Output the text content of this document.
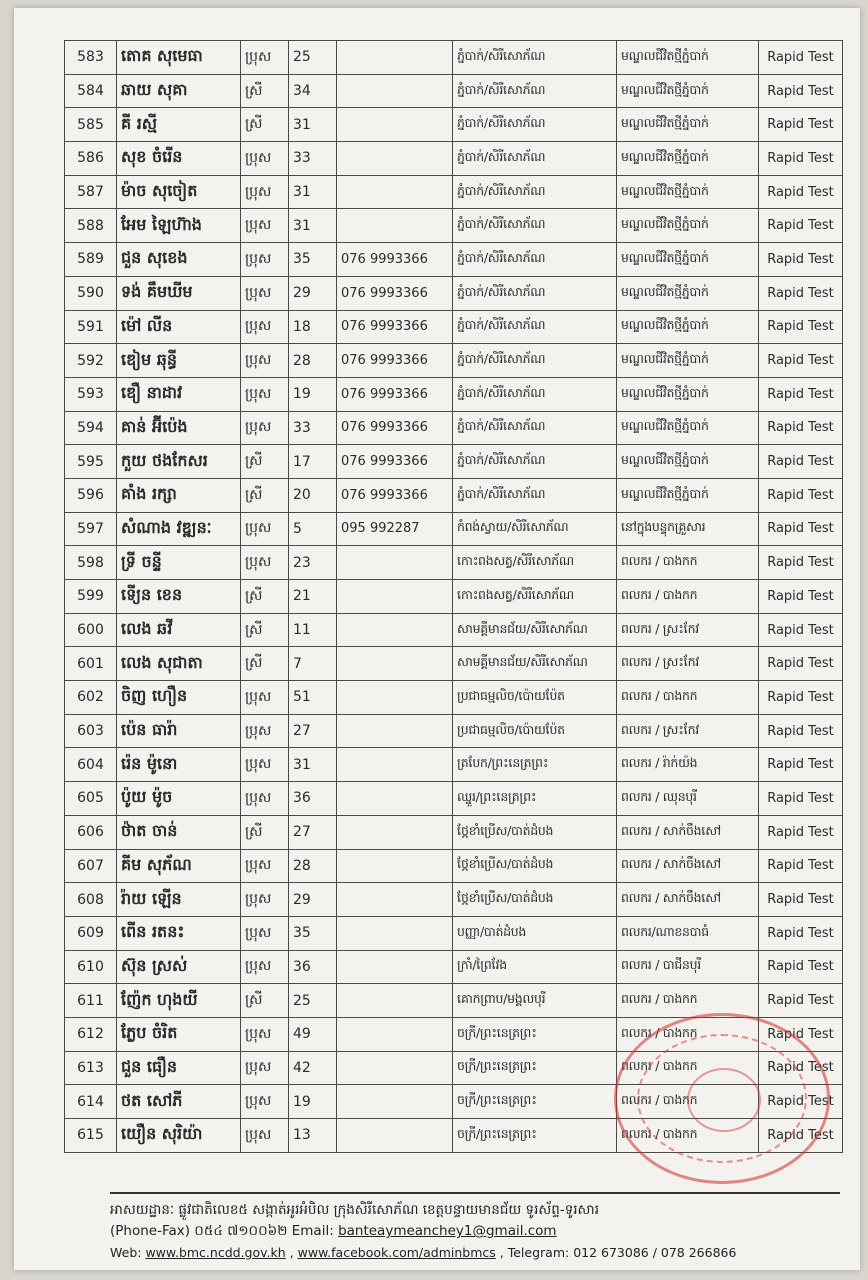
583	តោគ សុមេធា	ប្រុស	25		ភ្នំបាក់/សិរីសោភ័ណ	មណ្ឌលជីវិតថ្មីភ្នំបាក់	Rapid Test
584	ឆាយ សុគា	ស្រី	34		ភ្នំបាក់/សិរីសោភ័ណ	មណ្ឌលជីវិតថ្មីភ្នំបាក់	Rapid Test
585	គី រស្មី	ស្រី	31		ភ្នំបាក់/សិរីសោភ័ណ	មណ្ឌលជីវិតថ្មីភ្នំបាក់	Rapid Test
586	សុខ ចំរើន	ប្រុស	33		ភ្នំបាក់/សិរីសោភ័ណ	មណ្ឌលជីវិតថ្មីភ្នំបាក់	Rapid Test
587	ម៉ាច សុចៀត	ប្រុស	31		ភ្នំបាក់/សិរីសោភ័ណ	មណ្ឌលជីវិតថ្មីភ្នំបាក់	Rapid Test
588	អែម ឡៃហ៊ាង	ប្រុស	31		ភ្នំបាក់/សិរីសោភ័ណ	មណ្ឌលជីវិតថ្មីភ្នំបាក់	Rapid Test
589	ជួន សុខេង	ប្រុស	35	076 9993366	ភ្នំបាក់/សិរីសោភ័ណ	មណ្ឌលជីវិតថ្មីភ្នំបាក់	Rapid Test
590	ទង់ គឹមឃីម	ប្រុស	29	076 9993366	ភ្នំបាក់/សិរីសោភ័ណ	មណ្ឌលជីវិតថ្មីភ្នំបាក់	Rapid Test
591	ម៉ៅ លីន	ប្រុស	18	076 9993366	ភ្នំបាក់/សិរីសោភ័ណ	មណ្ឌលជីវិតថ្មីភ្នំបាក់	Rapid Test
592	ឌៀម ឆុន្ធី	ប្រុស	28	076 9993366	ភ្នំបាក់/សិរីសោភ័ណ	មណ្ឌលជីវិតថ្មីភ្នំបាក់	Rapid Test
593	ឌឿ នាដាវ	ប្រុស	19	076 9993366	ភ្នំបាក់/សិរីសោភ័ណ	មណ្ឌលជីវិតថ្មីភ្នំបាក់	Rapid Test
594	គាន់ អ៊ីប៉េង	ប្រុស	33	076 9993366	ភ្នំបាក់/សិរីសោភ័ណ	មណ្ឌលជីវិតថ្មីភ្នំបាក់	Rapid Test
595	កួយ ថងកែសរ	ស្រី	17	076 9993366	ភ្នំបាក់/សិរីសោភ័ណ	មណ្ឌលជីវិតថ្មីភ្នំបាក់	Rapid Test
596	គាំង រក្សា	ស្រី	20	076 9993366	ភ្នំបាក់/សិរីសោភ័ណ	មណ្ឌលជីវិតថ្មីភ្នំបាក់	Rapid Test
597	សំណាង វឌ្ឍនៈ	ប្រុស	5	095 992287	កំពង់ស្វាយ/សិរីសោភ័ណ	នៅក្នុងបន្ទុកគ្រួសារ	Rapid Test
598	ទ្រី ចន្ទី	ប្រុស	23		កោះពងសត្វ/សិរីសោភ័ណ	ពលករ / បាងកក	Rapid Test
599	ទើ្យន ខេន	ស្រី	21		កោះពងសត្វ/សិរីសោភ័ណ	ពលករ / បាងកក	Rapid Test
600	លេង ឆវី	ស្រី	11		សាមគ្គីមានជ័យ/សិរីសោភ័ណ	ពលករ / ស្រះកែវ	Rapid Test
601	លេង សុជាតា	ស្រី	7		សាមគ្គីមានជ័យ/សិរីសោភ័ណ	ពលករ / ស្រះកែវ	Rapid Test
602	ចិញ ហឿន	ប្រុស	51		ប្រជាធម្មលិច/ប៉ោយប៉ែត	ពលករ / បាងកក	Rapid Test
603	ប៉េន ធារ៉ា	ប្រុស	27		ប្រជាធម្មលិច/ប៉ោយប៉ែត	ពលករ / ស្រះកែវ	Rapid Test
604	រ៉េន ម៉ូនោ	ប្រុស	31		ត្របែក/ព្រះនេត្រព្រះ	ពលករ / រ៉ាក់យ៉ង	Rapid Test
605	ប៉ូយ ម៉ូច	ប្រុស	36		ឈ្នួរ/ព្រះនេត្រព្រះ	ពលករ / ឈុនបុរី	Rapid Test
606	ថ៉ាត ចាន់	ស្រី	27		ថ្កែខាំប្រើស/បាត់ដំបង	ពលករ / សាក់ចឹងសៅ	Rapid Test
607	គីម សុភ័ណ	ប្រុស	28		ថ្កែខាំប្រើស/បាត់ដំបង	ពលករ / សាក់ចឹងសៅ	Rapid Test
608	រ៉ាយ ឡើន	ប្រុស	29		ថ្កែខាំប្រើស/បាត់ដំបង	ពលករ / សាក់ចឹងសៅ	Rapid Test
609	ពើន រតនះ	ប្រុស	35		បញ្ញា/បាត់ដំបង	ពលករ/ណាខនបាធំ	Rapid Test
610	ស៊ុន ស្រស់	ប្រុស	36		ក្រាំ/ព្រៃវែង	ពលករ / បាជីនបុរី	Rapid Test
611	ញ៉ែក ហុងយី	ស្រី	25		គោកព្រាប/មង្គលបុរី	ពលករ / បាងកក	Rapid Test
612	ភ្លែប ចំរិត	ប្រុស	49		ចក្រី/ព្រះនេត្រព្រះ	ពលករ / បាងកក	Rapid Test
613	ជួន ធឿន	ប្រុស	42		ចក្រី/ព្រះនេត្រព្រះ	ពលករ / បាងកក	Rapid Test
614	ថត សៅភី	ប្រុស	19		ចក្រី/ព្រះនេត្រព្រះ	ពលករ / បាងកក	Rapid Test
615	យឿន សុរិយ៉ា	ប្រុស	13		ចក្រី/ព្រះនេត្រព្រះ	ពលករ / បាងកក	Rapid Test
អាសយដ្ឋានៈ ផ្លូវជាតិលេខ៥ សង្កាត់អូរអំបិល ក្រុងសិរីសោភ័ណ ខេត្តបន្ទាយមានជ័យ ទូរស័ព្ទ-ទូរសារ
(Phone-Fax) ០៥៤ ៧១០០៦២ Email: banteaymeanchey1@gmail.com
Web: www.bmc.ncdd.gov.kh , www.facebook.com/adminbmcs , Telegram: 012 673086 / 078 266866
